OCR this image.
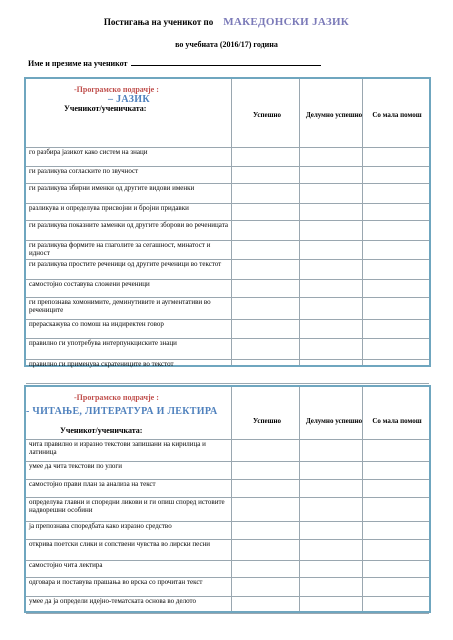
Постигања на ученикот по МАКЕДОНСКИ ЈАЗИК
во учебната (2016/17) година
Име и презиме на ученикот
-Програмско подрачје :
– ЈАЗИК
Ученикот/ученичката:
Успешно	Делумно успешно	Со мала помош
го разбира јазикот како систем на знаци
ги разликува согласките по звучност
ги разликува збирни именки од другите видови именки
разликува и определува присвојни и бројни придавки
ги разликува показните заменки од другите зборови во реченицата
ги разликува формите на глаголите за сегашност, минатост и идност
ги разликува простите реченици од другите реченици во текстот
самостојно составува сложени реченици
ги препознава хомонимите, деминутивите и аугментативи во реченицитe
прераскажува со помош на индиректен говор
правилно ги употребува интерпункциските знаци
правилно ги применува скратениците во текстот
-Програмско подрачје :
- ЧИТАЊЕ, ЛИТЕРАТУРА И ЛЕКТИРА
Ученикот/ученичката:
Успешно	Делумно успешно	Со мала помош
чита правилно и изразно текстови запишани на кирилица и латиница
умее да чита текстови по улоги
самостојно прави план за анализа на текст
определува главни и споредни ликови и ги опиш според истовите надворешни особини
ја препознава споредбата како изразно средство
открива поетски слики и сопствени чувства во лирски песни
самостојно чита лектира
одговара и поставува прашања во врска со прочитан текст
умее да ја определи идејно-тематската основа во делото
